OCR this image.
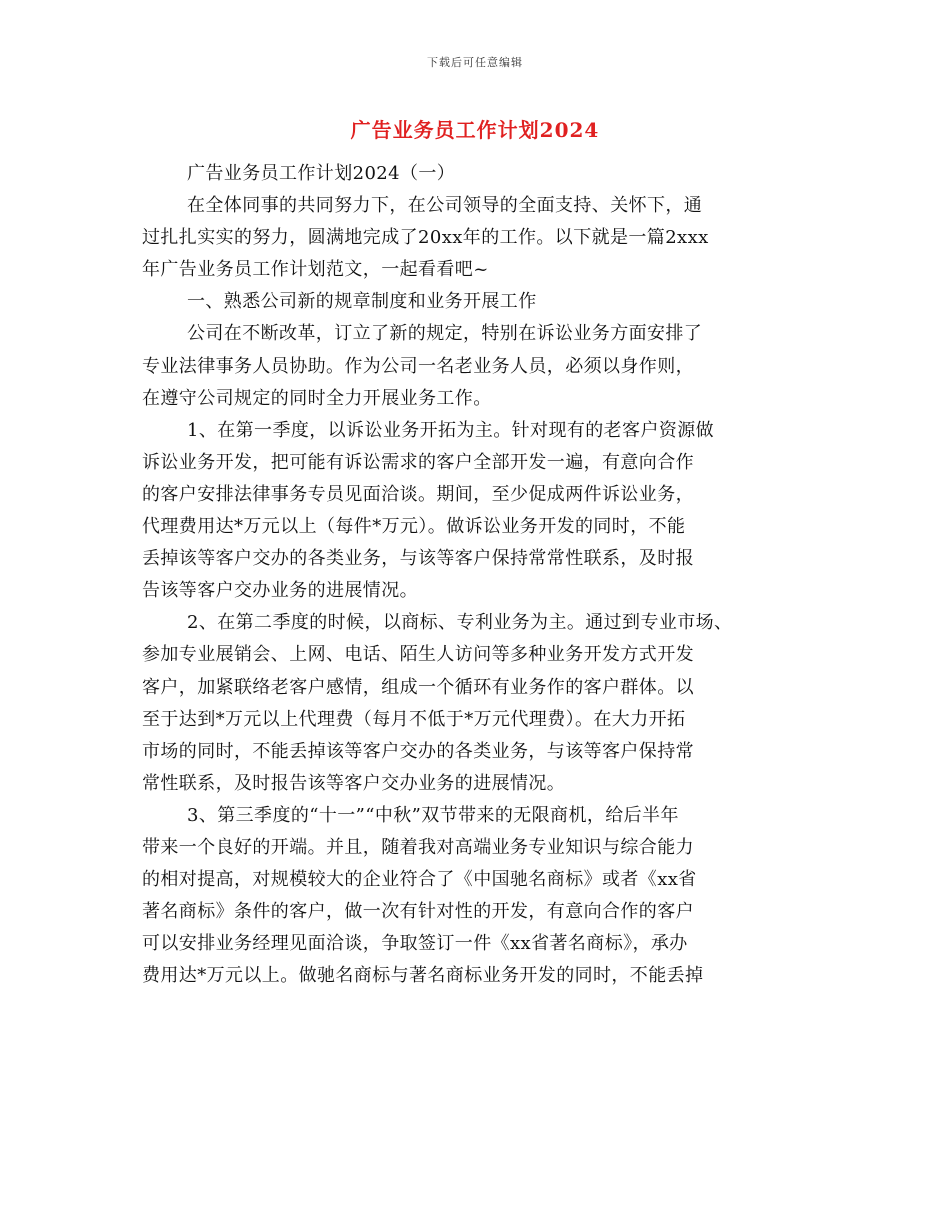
下载后可任意编辑
广告业务员工作计划2024
广告业务员工作计划2024（一）
在全体同事的共同努力下，在公司领导的全面支持、关怀下，通
过扎扎实实的努力，圆满地完成了20xx年的工作。以下就是一篇2xxx
年广告业务员工作计划范文，一起看看吧~
一、熟悉公司新的规章制度和业务开展工作
公司在不断改革，订立了新的规定，特别在诉讼业务方面安排了
专业法律事务人员协助。作为公司一名老业务人员，必须以身作则，
在遵守公司规定的同时全力开展业务工作。
1、在第一季度，以诉讼业务开拓为主。针对现有的老客户资源做
诉讼业务开发，把可能有诉讼需求的客户全部开发一遍，有意向合作
的客户安排法律事务专员见面洽谈。期间，至少促成两件诉讼业务，
代理费用达*万元以上（每件*万元）。做诉讼业务开发的同时，不能
丢掉该等客户交办的各类业务，与该等客户保持常常性联系，及时报
告该等客户交办业务的进展情况。
2、在第二季度的时候，以商标、专利业务为主。通过到专业市场、
参加专业展销会、上网、电话、陌生人访问等多种业务开发方式开发
客户，加紧联络老客户感情，组成一个循环有业务作的客户群体。以
至于达到*万元以上代理费（每月不低于*万元代理费）。在大力开拓
市场的同时，不能丢掉该等客户交办的各类业务，与该等客户保持常
常性联系，及时报告该等客户交办业务的进展情况。
3、第三季度的“十一”“中秋”双节带来的无限商机，给后半年
带来一个良好的开端。并且，随着我对高端业务专业知识与综合能力
的相对提高，对规模较大的企业符合了《中国驰名商标》或者《xx省
著名商标》条件的客户，做一次有针对性的开发，有意向合作的客户
可以安排业务经理见面洽谈，争取签订一件《xx省著名商标》，承办
费用达*万元以上。做驰名商标与著名商标业务开发的同时，不能丢掉
